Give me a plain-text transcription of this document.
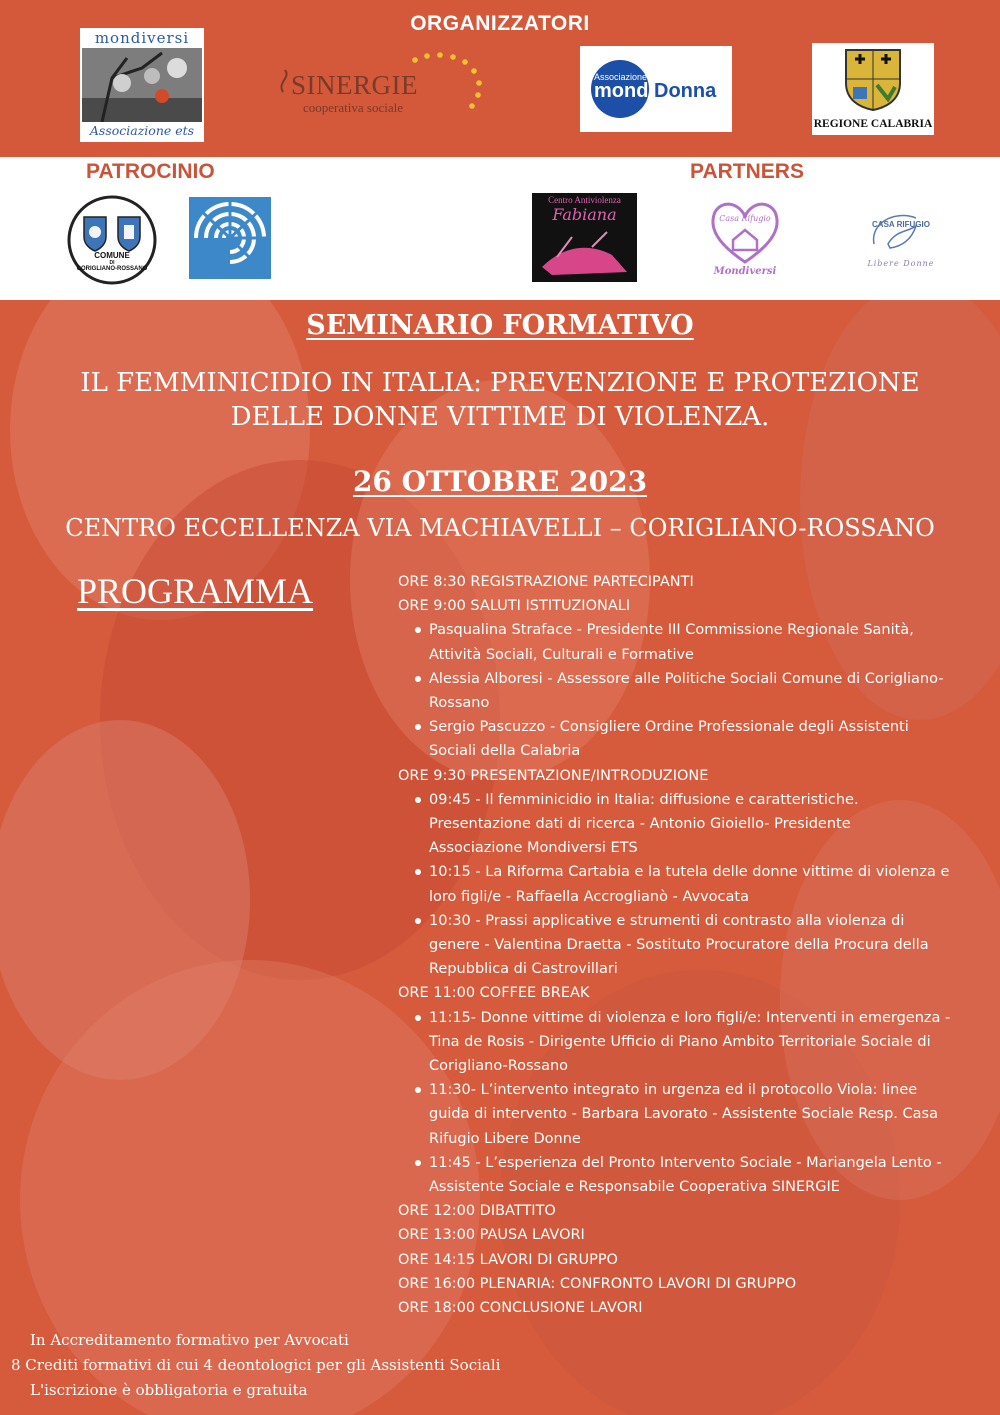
ORGANIZZATORI
mondiversi
Associazione ets
SINERGIE
cooperativa sociale
Associazione
mondiDonna
REGIONE CALABRIA
PATROCINIO	PARTNERS
COMUNE
DI
CORIGLIANO-ROSSANO
Centro Antiviolenza
Fabiana	Casa Rifugio
Mondiversi
CASA RIFUGIO
Libere Donne
SEMINARIO FORMATIVO
IL FEMMINICIDIO IN ITALIA: PREVENZIONE E PROTEZIONE
DELLE DONNE VITTIME DI VIOLENZA.
26 OTTOBRE 2023
CENTRO ECCELLENZA VIA MACHIAVELLI – CORIGLIANO-ROSSANO
PROGRAMMA	ORE 8:30 REGISTRAZIONE PARTECIPANTI
ORE 9:00 SALUTI ISTITUZIONALI
Pasqualina Straface - Presidente III Commissione Regionale Sanità,
Attività Sociali, Culturali e Formative
Alessia Alboresi - Assessore alle Politiche Sociali Comune di Corigliano-
Rossano
Sergio Pascuzzo - Consigliere Ordine Professionale degli Assistenti
Sociali della Calabria
ORE 9:30 PRESENTAZIONE/INTRODUZIONE
09:45 - Il femminicidio in Italia: diffusione e caratteristiche.
Presentazione dati di ricerca - Antonio Gioiello- Presidente
Associazione Mondiversi ETS
10:15 - La Riforma Cartabia e la tutela delle donne vittime di violenza e
loro figli/e - Raffaella Accroglianò - Avvocata
10:30 - Prassi applicative e strumenti di contrasto alla violenza di
genere - Valentina Draetta - Sostituto Procuratore della Procura della
Repubblica di Castrovillari
ORE 11:00 COFFEE BREAK
11:15- Donne vittime di violenza e loro figli/e: Interventi in emergenza -
Tina de Rosis - Dirigente Ufficio di Piano Ambito Territoriale Sociale di
Corigliano-Rossano
11:30- L’intervento integrato in urgenza ed il protocollo Viola: linee
guida di intervento - Barbara Lavorato - Assistente Sociale Resp. Casa
Rifugio Libere Donne
11:45 - L’esperienza del Pronto Intervento Sociale - Mariangela Lento -
Assistente Sociale e Responsabile Cooperativa SINERGIE
ORE 12:00 DIBATTITO
ORE 13:00 PAUSA LAVORI
ORE 14:15 LAVORI DI GRUPPO
ORE 16:00 PLENARIA: CONFRONTO LAVORI DI GRUPPO
ORE 18:00 CONCLUSIONE LAVORI
In Accreditamento formativo per Avvocati
8 Crediti formativi di cui 4 deontologici per gli Assistenti Sociali
L'iscrizione è obbligatoria e gratuita
